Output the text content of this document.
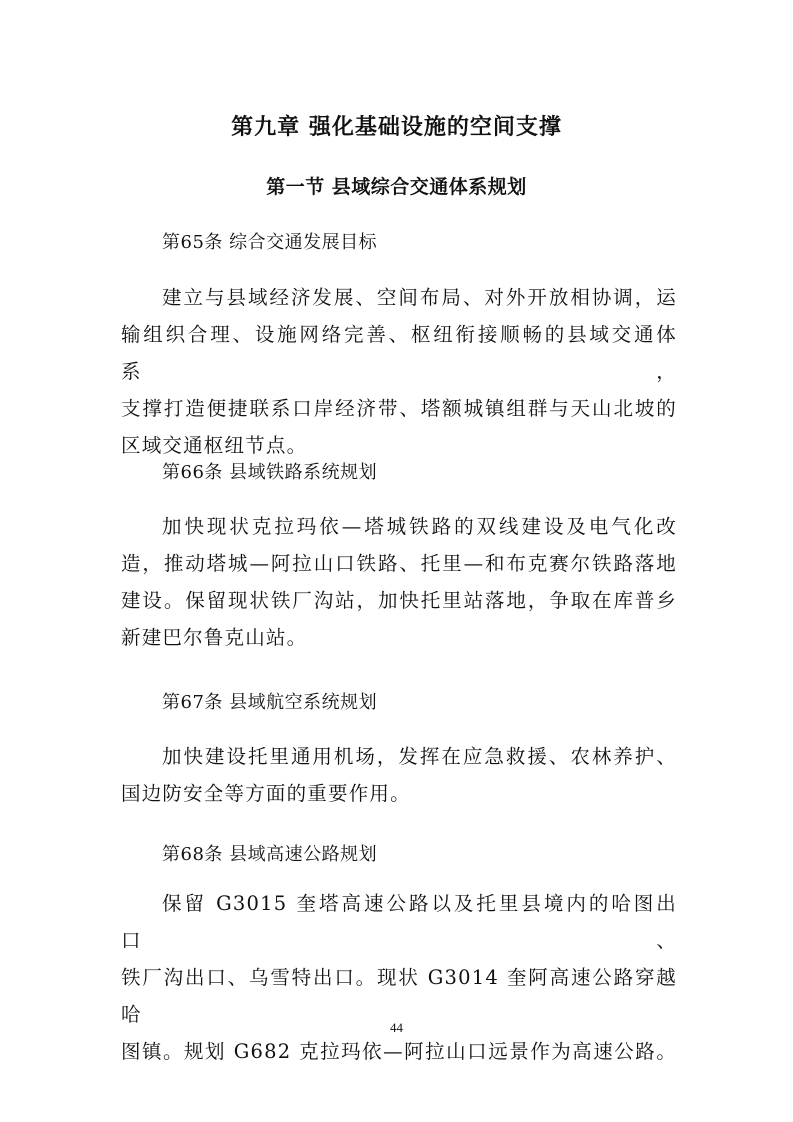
第九章 强化基础设施的空间支撑
第一节 县域综合交通体系规划
第65条 综合交通发展目标
建立与县域经济发展、空间布局、对外开放相协调，运
输组织合理、设施网络完善、枢纽衔接顺畅的县域交通体系，
支撑打造便捷联系口岸经济带、塔额城镇组群与天山北坡的
区域交通枢纽节点。
第66条 县域铁路系统规划
加快现状克拉玛依—塔城铁路的双线建设及电气化改
造，推动塔城—阿拉山口铁路、托里—和布克赛尔铁路落地
建设。保留现状铁厂沟站，加快托里站落地，争取在库普乡
新建巴尔鲁克山站。
第67条 县域航空系统规划
加快建设托里通用机场，发挥在应急救援、农林养护、
国边防安全等方面的重要作用。
第68条 县域高速公路规划
保留 G3015 奎塔高速公路以及托里县境内的哈图出口、
铁厂沟出口、乌雪特出口。现状 G3014 奎阿高速公路穿越哈
图镇。规划 G682 克拉玛依—阿拉山口远景作为高速公路。
44
